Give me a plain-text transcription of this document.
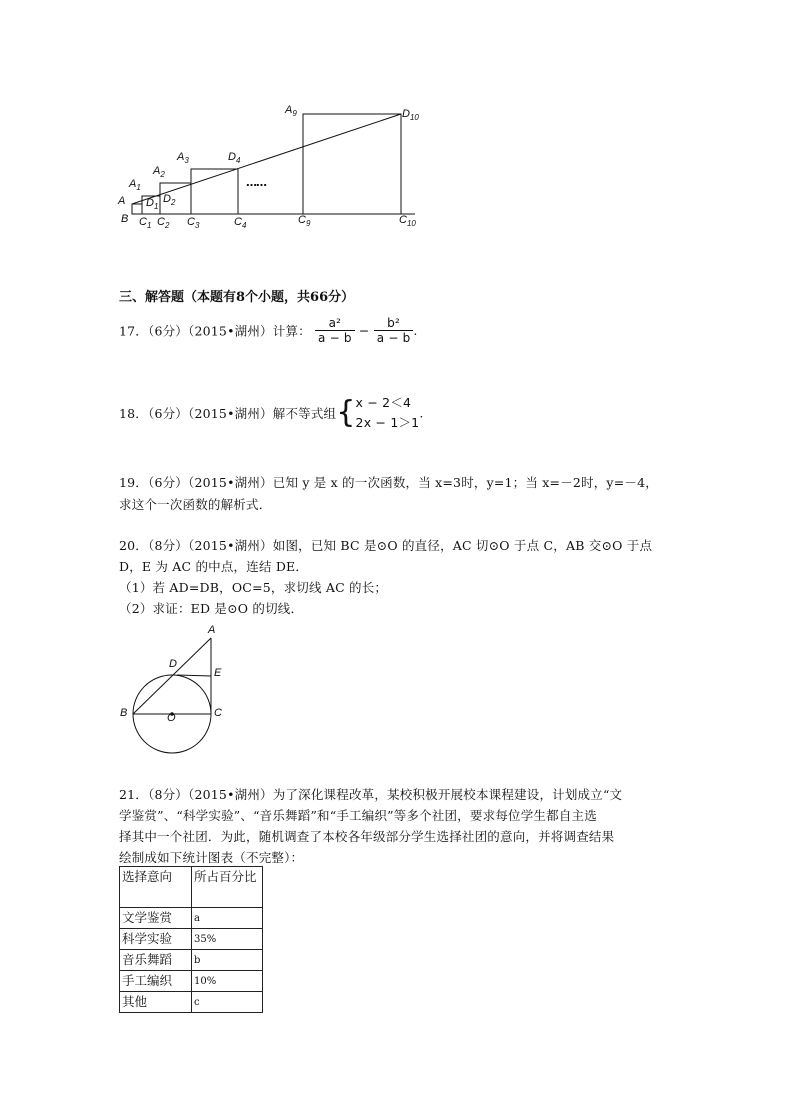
A
B
$A_1$
$A_2$
$A_3$
$A_9$
$D_1$
$D_2$
$D_4$
$D_{10}$
$C_1$ $C_2$ $C_3$	$C_4$	$C_9$	$C_{10}$
……
三、解答题（本题有8个小题，共66分）
17．（6分）（2015•湖州）计算： $\frac{\text{a²}}{a - b} - \frac{\text{b²}}{a - b}$ .
18．（6分）（2015•湖州）解不等式组{ x − 2＜4
2x − 1＞1
.
19．（6分）（2015•湖州）已知 y 是 x 的一次函数，当 x=3时，y=1；当 x=－2时，y=－4，
求这个一次函数的解析式．
20．（8分）（2015•湖州）如图，已知 BC 是⊙O 的直径，AC 切⊙O 于点 C，AB 交⊙O 于点
D，E 为 AC 的中点，连结 DE．
（1）若 AD=DB，OC=5，求切线 AC 的长；
（2）求证：ED 是⊙O 的切线．
A
D
E
B	O	C
21．（8分）（2015•湖州）为了深化课程改革，某校积极开展校本课程建设，计划成立“文
学鉴赏”、“科学实验”、“音乐舞蹈”和“手工编织”等多个社团，要求每位学生都自主选
择其中一个社团．为此，随机调查了本校各年级部分学生选择社团的意向，并将调查结果
绘制成如下统计图表（不完整）：
选择意向	所占百分比
文学鉴赏	a
科学实验	35%
音乐舞蹈	b
手工编织	10%
其他	c
